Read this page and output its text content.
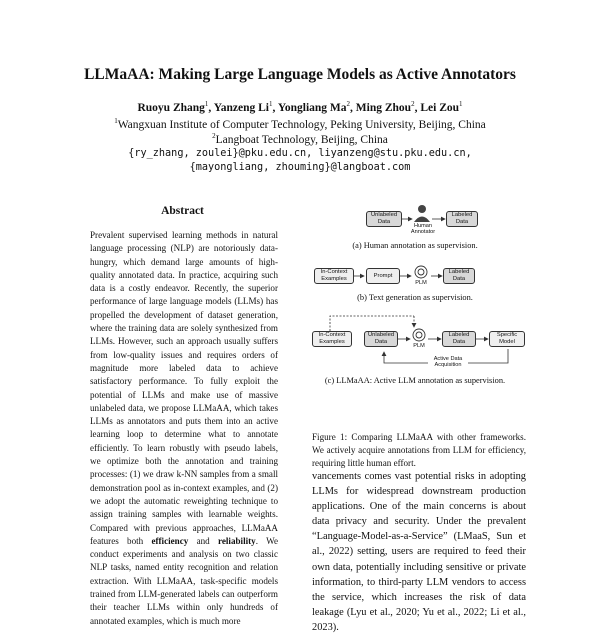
LLMaAA: Making Large Language Models as Active Annotators
Ruoyu Zhang$^1$, Yanzeng Li$^1$, Yongliang Ma$^2$, Ming Zhou$^2$, Lei Zou$^1$
$^1$Wangxuan Institute of Computer Technology, Peking University, Beijing, China
$^2$Langboat Technology, Beijing, China
{ry_zhang, zoulei}@pku.edu.cn, liyanzeng@stu.pku.edu.cn,
{mayongliang, zhouming}@langboat.com
Abstract
Prevalent supervised learning methods in natural language processing (NLP) are notoriously data-hungry, which demand large amounts of high-quality annotated data. In practice, acquiring such data is a costly endeavor. Recently, the superior performance of large language models (LLMs) has propelled the development of dataset generation, where the training data are solely synthesized from LLMs. However, such an approach usually suffers from low-quality issues and requires orders of magnitude more labeled data to achieve satisfactory performance. To fully exploit the potential of LLMs and make use of massive unlabeled data, we propose LLMaAA, which takes LLMs as annotators and puts them into an active learning loop to determine what to annotate efficiently. To learn robustly with pseudo labels, we optimize both the annotation and training processes: (1) we draw k-NN samples from a small demonstration pool as in-context examples, and (2) we adopt the automatic reweighting technique to assign training samples with learnable weights. Compared with previous approaches, LLMaAA features both efficiency and reliability. We conduct experiments and analysis on two classic NLP tasks, named entity recognition and relation extraction. With LLMaAA, task-specific models trained from LLM-generated labels can outperform their teacher LLMs within only hundreds of annotated examples, which is much more
Unlabeled Data
Human Annotator
Labeled Data
(a) Human annotation as supervision.
In-Context Examples
Prompt
PLM
Labeled Data
(b) Text generation as supervision.
In-Context Examples
Unlabeled Data
PLM
Labeled Data
Specific Model
Active Data Acquisition
(c) LLMaAA: Active LLM annotation as supervision.
Figure 1: Comparing LLMaAA with other frameworks. We actively acquire annotations from LLM for efficiency, requiring little human effort.
vancements comes vast potential risks in adopting LLMs for widespread downstream production applications. One of the main concerns is about data privacy and security. Under the prevalent “Language-Model-as-a-Service” (LMaaS, Sun et al., 2022) setting, users are required to feed their own data, potentially including sensitive or private information, to third-party LLM vendors to access the service, which increases the risk of data leakage (Lyu et al., 2020; Yu et al., 2022; Li et al., 2023).
